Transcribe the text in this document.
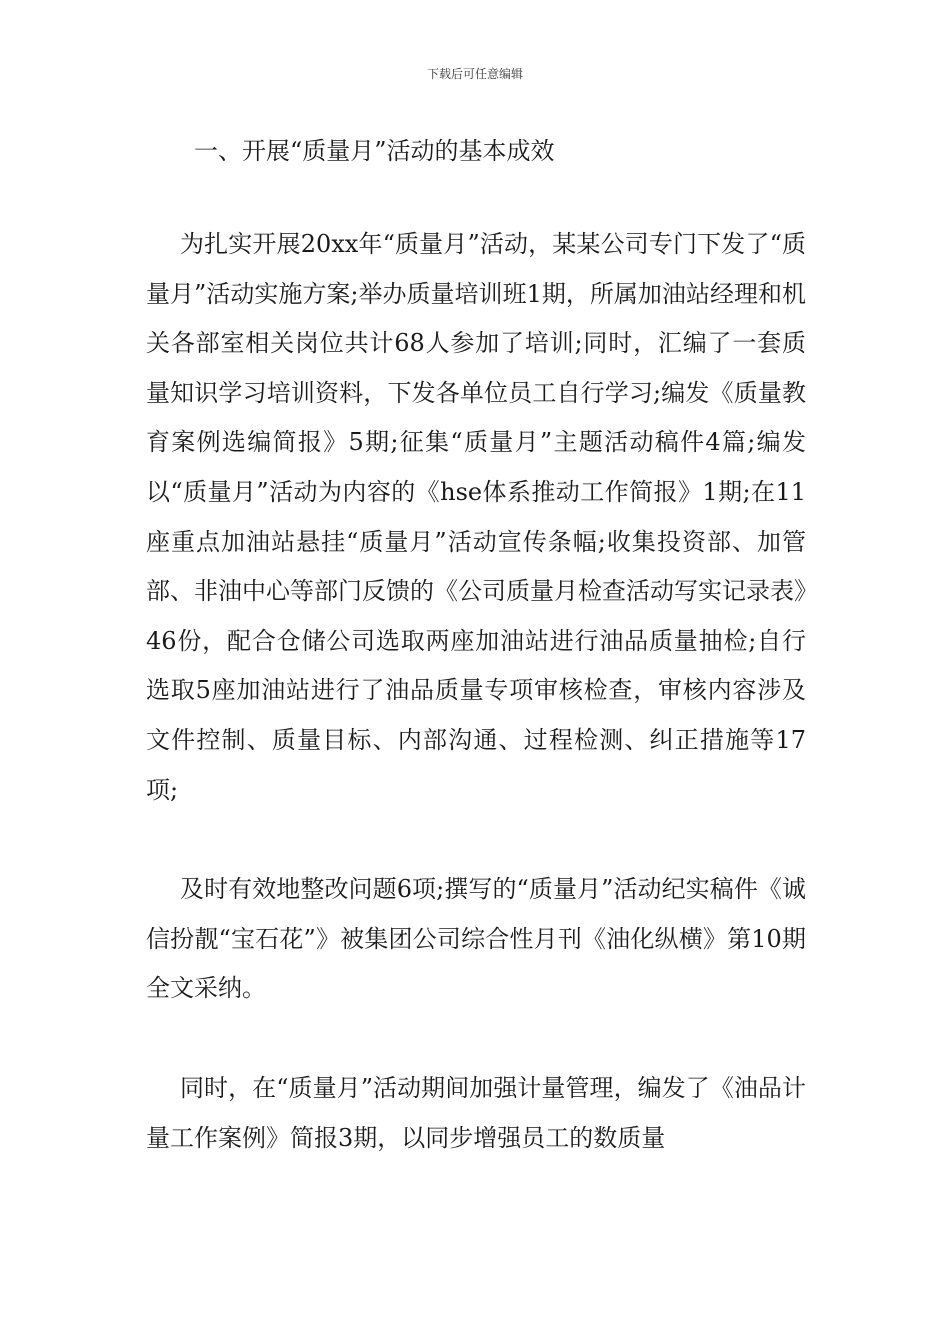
下载后可任意编辑
一、开展“质量月”活动的基本成效

为扎实开展20xx年“质量月”活动，某某公司专门下发了“质量月”活动实施方案;举办质量培训班1期，所属加油站经理和机关各部室相关岗位共计68人参加了培训;同时，汇编了一套质量知识学习培训资料，下发各单位员工自行学习;编发《质量教育案例选编简报》5期;征集“质量月”主题活动稿件4篇;编发以“质量月”活动为内容的《hse体系推动工作简报》1期;在11座重点加油站悬挂“质量月”活动宣传条幅;收集投资部、加管部、非油中心等部门反馈的《公司质量月检查活动写实记录表》46份，配合仓储公司选取两座加油站进行油品质量抽检;自行选取5座加油站进行了油品质量专项审核检查，审核内容涉及文件控制、质量目标、内部沟通、过程检测、纠正措施等17项;

及时有效地整改问题6项;撰写的“质量月”活动纪实稿件《诚信扮靓“宝石花”》被集团公司综合性月刊《油化纵横》第10期全文采纳。

同时，在“质量月”活动期间加强计量管理，编发了《油品计量工作案例》简报3期，以同步增强员工的数质量
